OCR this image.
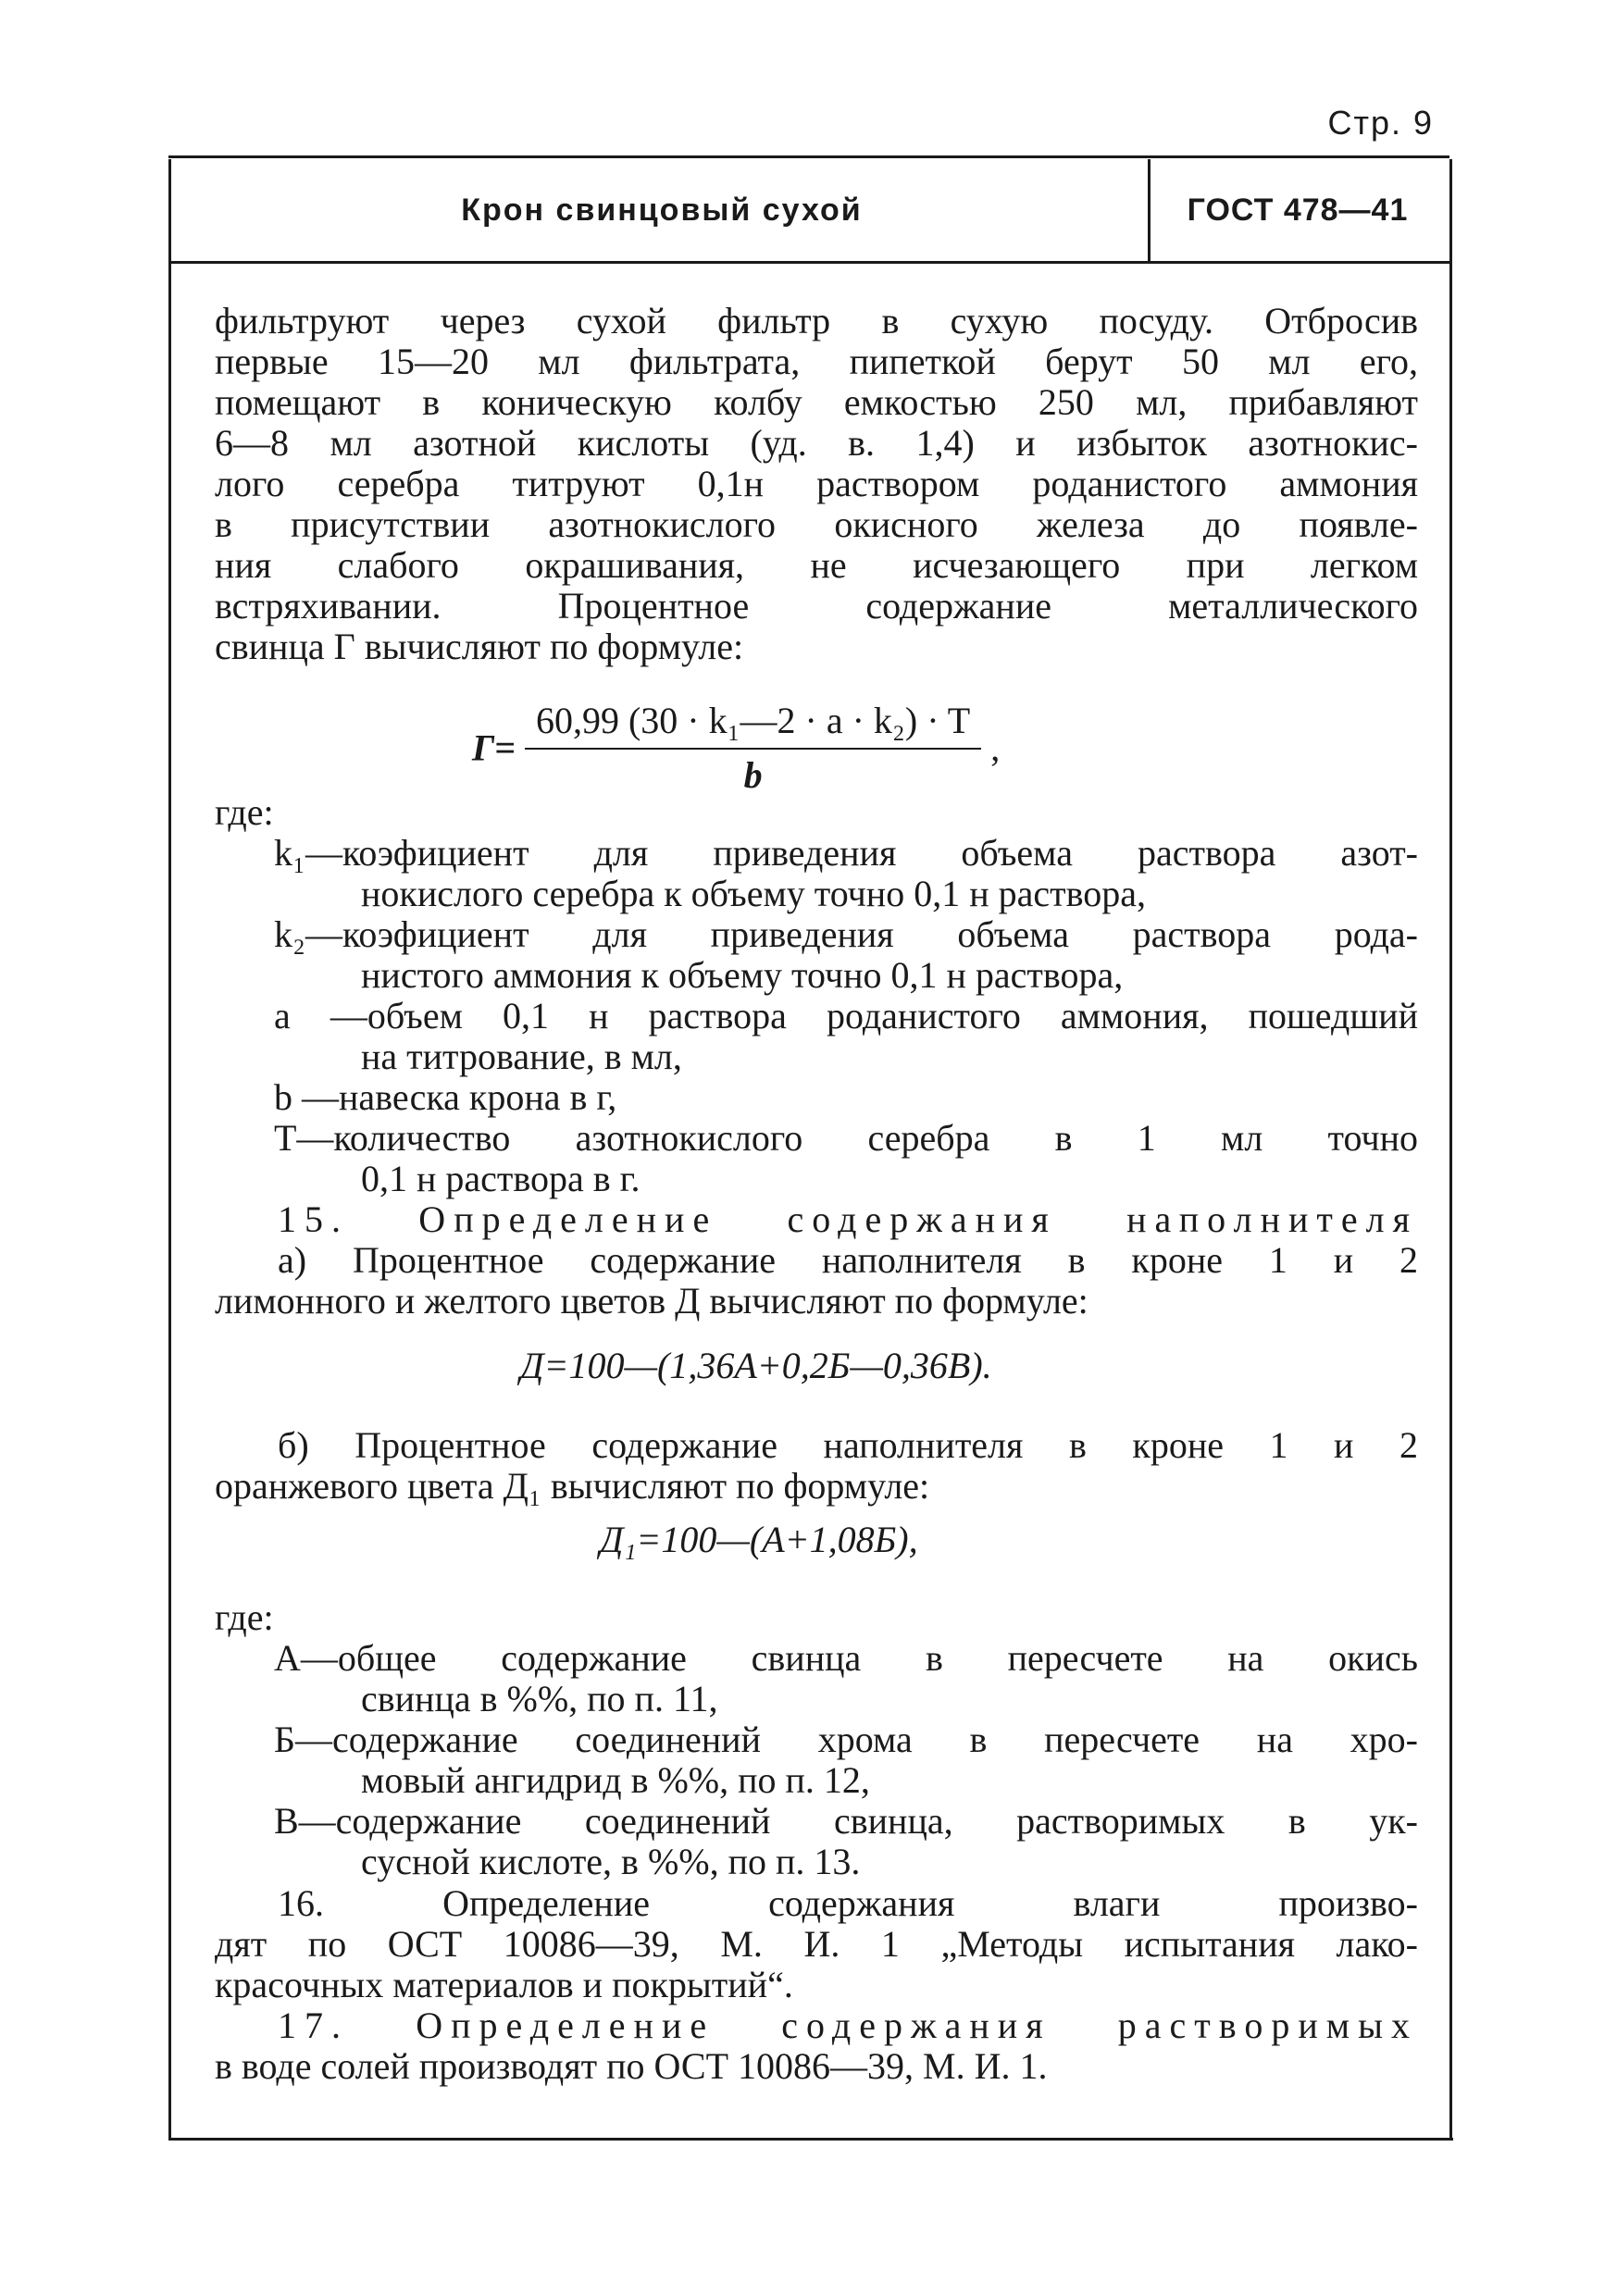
Стр. 9
Крон свинцовый сухой	ГОСТ 478—41
фильтруют через сухой фильтр в сухую посуду. Отбросив
первые 15—20 мл фильтрата, пипеткой берут 50 мл его,
помещают в коническую колбу емкостью 250 мл, прибавляют
6—8 мл азотной кислоты (уд. в. 1,4) и избыток азотнокис-
лого серебра титруют 0,1н раствором роданистого аммония
в присутствии азотнокислого окисного железа до появле-
ния слабого окрашивания, не исчезающего при легком
встряхивании. Процентное содержание металлического
свинца Г вычисляют по формуле:
$Г= \frac{\text{60,99 (30 · k₁—2 · a · k₂) · T}}{b}$ ,
где:
k₁—коэфициент для приведения объема раствора азот-
нокислого серебра к объему точно 0,1 н раствора,
k₂—коэфициент для приведения объема раствора рода-
нистого аммония к объему точно 0,1 н раствора,
a —объем 0,1 н раствора роданистого аммония, пошедший
на титрование, в мл,
b —навеска крона в г,
Т—количество азотнокислого серебра в 1 мл точно
0,1 н раствора в г.
15. Определение содержания наполнителя
а) Процентное содержание наполнителя в кроне 1 и 2
лимонного и желтого цветов Д вычисляют по формуле:
Д=100—(1,36А+0,2Б—0,36В).
б) Процентное содержание наполнителя в кроне 1 и 2
оранжевого цвета Д₁ вычисляют по формуле:
Д₁=100—(А+1,08Б),
где:
А—общее содержание свинца в пересчете на окись
свинца в %%, по п. 11,
Б—содержание соединений хрома в пересчете на хро-
мовый ангидрид в %%, по п. 12,
В—содержание соединений свинца, растворимых в ук-
сусной кислоте, в %%, по п. 13.
16. Определение содержания влаги произво-
дят по ОСТ 10086—39, М. И. 1 „Методы испытания лако-
красочных материалов и покрытий“.
17. Определение содержания растворимых
в воде солей производят по ОСТ 10086—39, М. И. 1.
